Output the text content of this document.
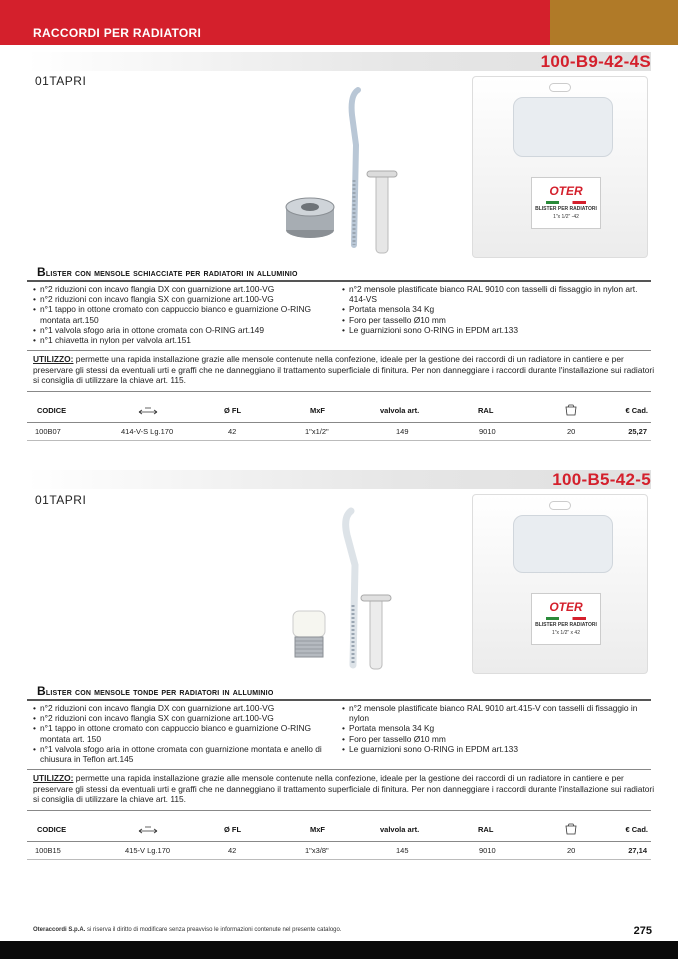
RACCORDI PER RADIATORI
100-B9-42-4S
01TAPRI
OTER
BLISTER PER RADIATORI
1"x 1/2" -42
Blister con mensole schiacciate per radiatori in alluminio
• n°2 riduzioni con incavo flangia DX con guarnizione art.100-VG
• n°2 riduzioni con incavo flangia SX con guarnizione art.100-VG
• n°1 tappo in ottone cromato con cappuccio bianco e guarnizione O-RING montata art.150
• n°1 valvola sfogo aria in ottone cromata con O-RING art.149
• n°1 chiavetta in nylon per valvola art.151
• n°2 mensole plastificate bianco RAL 9010 con tasselli di fissaggio in nylon art. 414-VS
• Portata mensola 34 Kg
• Foro per tassello Ø10 mm
• Le guarnizioni sono O-RING in EPDM art.133
UTILIZZO: permette una rapida installazione grazie alle mensole contenute nella confezione, ideale per la gestione dei raccordi di un radiatore in cantiere e per preservare gli stessi da eventuali urti e graffi che ne danneggiano il trattamento superficiale di finitura. Per non danneggiare i raccordi durante l'installazione sui radiatori si consiglia di utilizzare la chiave art. 115.
CODICE	Ø FL	MxF	valvola art.	RAL	€ Cad.
100B07	414-V-S Lg.170	42	1"x1/2"	149	9010	20	25,27
100-B5-42-5
01TAPRI
OTER
BLISTER PER RADIATORI
1"x 1/2" x 42
Blister con mensole tonde per radiatori in alluminio
• n°2 riduzioni con incavo flangia DX con guarnizione art.100-VG
• n°2 riduzioni con incavo flangia SX con guarnizione art.100-VG
• n°1 tappo in ottone cromato con cappuccio bianco e guarnizione O-RING montata art. 150
• n°1 valvola sfogo aria in ottone cromata con guarnizione montata e anello di chiusura in Teflon art.145
• n°2 mensole plastificate bianco RAL 9010 art.415-V con tasselli di fissaggio in nylon
• Portata mensola 34 Kg
• Foro per tassello Ø10 mm
• Le guarnizioni sono O-RING in EPDM art.133
UTILIZZO: permette una rapida installazione grazie alle mensole contenute nella confezione, ideale per la gestione dei raccordi di un radiatore in cantiere e per preservare gli stessi da eventuali urti e graffi che ne danneggiano il trattamento superficiale di finitura. Per non danneggiare i raccordi durante l'installazione sui radiatori si consiglia di utilizzare la chiave art. 115.
CODICE	Ø FL	MxF	valvola art.	RAL	€ Cad.
100B15	415-V Lg.170	42	1"x3/8"	145	9010	20	27,14
Oteraccordi S.p.A. si riserva il diritto di modificare senza preavviso le informazioni contenute nel presente catalogo.	275
